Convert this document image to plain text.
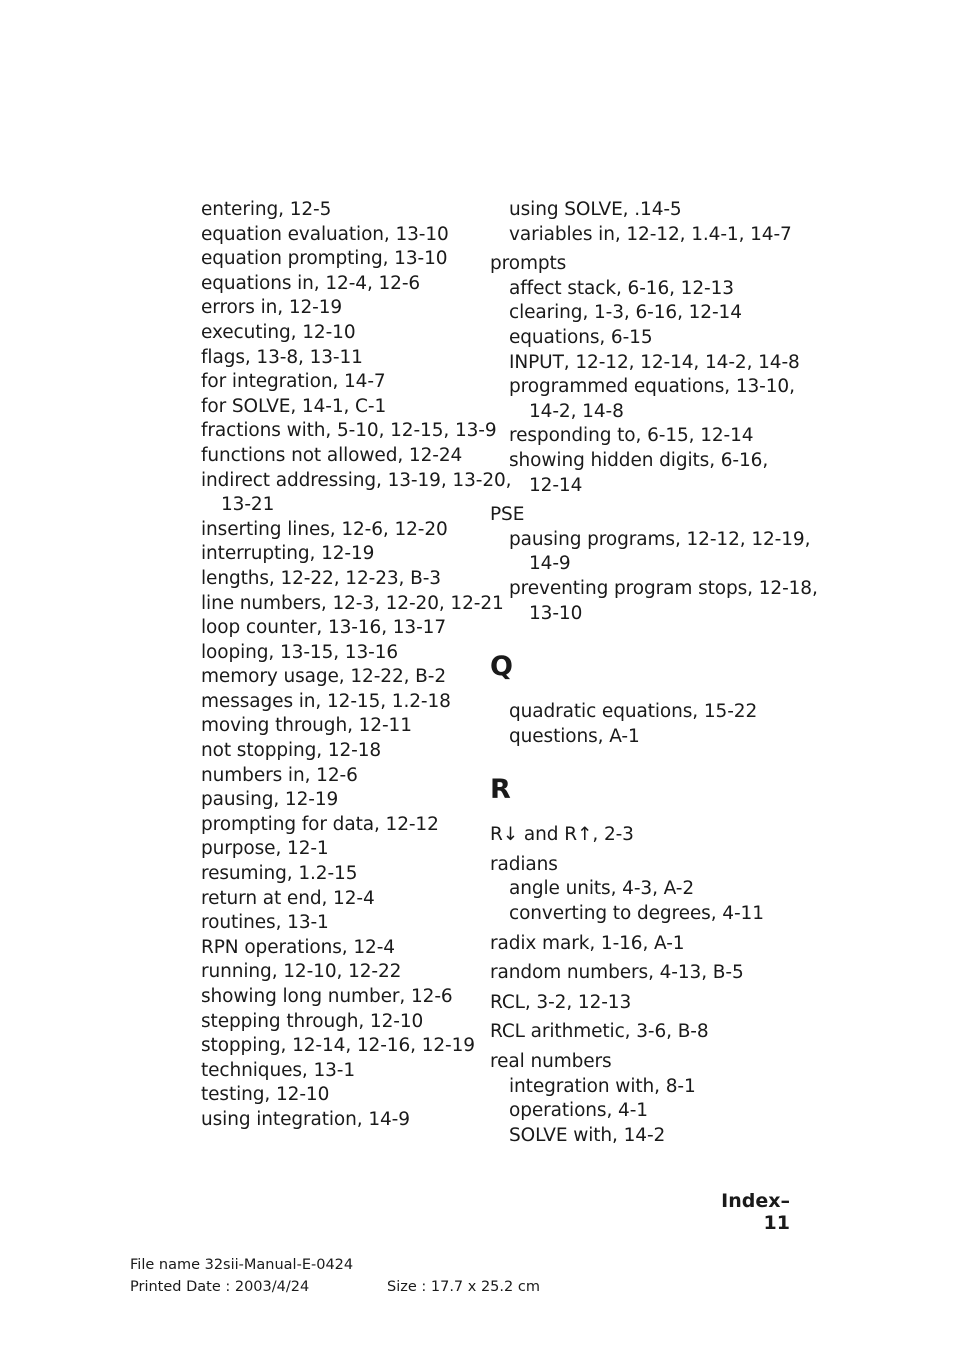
entering, 12-5
equation evaluation, 13-10
equation prompting, 13-10
equations in, 12-4, 12-6
errors in, 12-19
executing, 12-10
flags, 13-8, 13-11
for integration, 14-7
for SOLVE, 14-1, C-1
fractions with, 5-10, 12-15, 13-9
functions not allowed, 12-24
indirect addressing, 13-19, 13-20,
13-21
inserting lines, 12-6, 12-20
interrupting, 12-19
lengths, 12-22, 12-23, B-3
line numbers, 12-3, 12-20, 12-21
loop counter, 13-16, 13-17
looping, 13-15, 13-16
memory usage, 12-22, B-2
messages in, 12-15, 1.2-18
moving through, 12-11
not stopping, 12-18
numbers in, 12-6
pausing, 12-19
prompting for data, 12-12
purpose, 12-1
resuming, 1.2-15
return at end, 12-4
routines, 13-1
RPN operations, 12-4
running, 12-10, 12-22
showing long number, 12-6
stepping through, 12-10
stopping, 12-14, 12-16, 12-19
techniques, 13-1
testing, 12-10
using integration, 14-9
using SOLVE, .14-5
variables in, 12-12, 1.4-1, 14-7
prompts
affect stack, 6-16, 12-13
clearing, 1-3, 6-16, 12-14
equations, 6-15
INPUT, 12-12, 12-14, 14-2, 14-8
programmed equations, 13-10,
14-2, 14-8
responding to, 6-15, 12-14
showing hidden digits, 6-16,
12-14
PSE
pausing programs, 12-12, 12-19,
14-9
preventing program stops, 12-18,
13-10
Q
quadratic equations, 15-22
questions, A-1
R
R↓ and R↑, 2-3
radians
angle units, 4-3, A-2
converting to degrees, 4-11
radix mark, 1-16, A-1
random numbers, 4-13, B-5
RCL, 3-2, 12-13
RCL arithmetic, 3-6, B-8
real numbers
integration with, 8-1
operations, 4-1
SOLVE with, 14-2
Index–11
File name 32sii-Manual-E-0424
Printed Date : 2003/4/24	Size : 17.7 x 25.2 cm
